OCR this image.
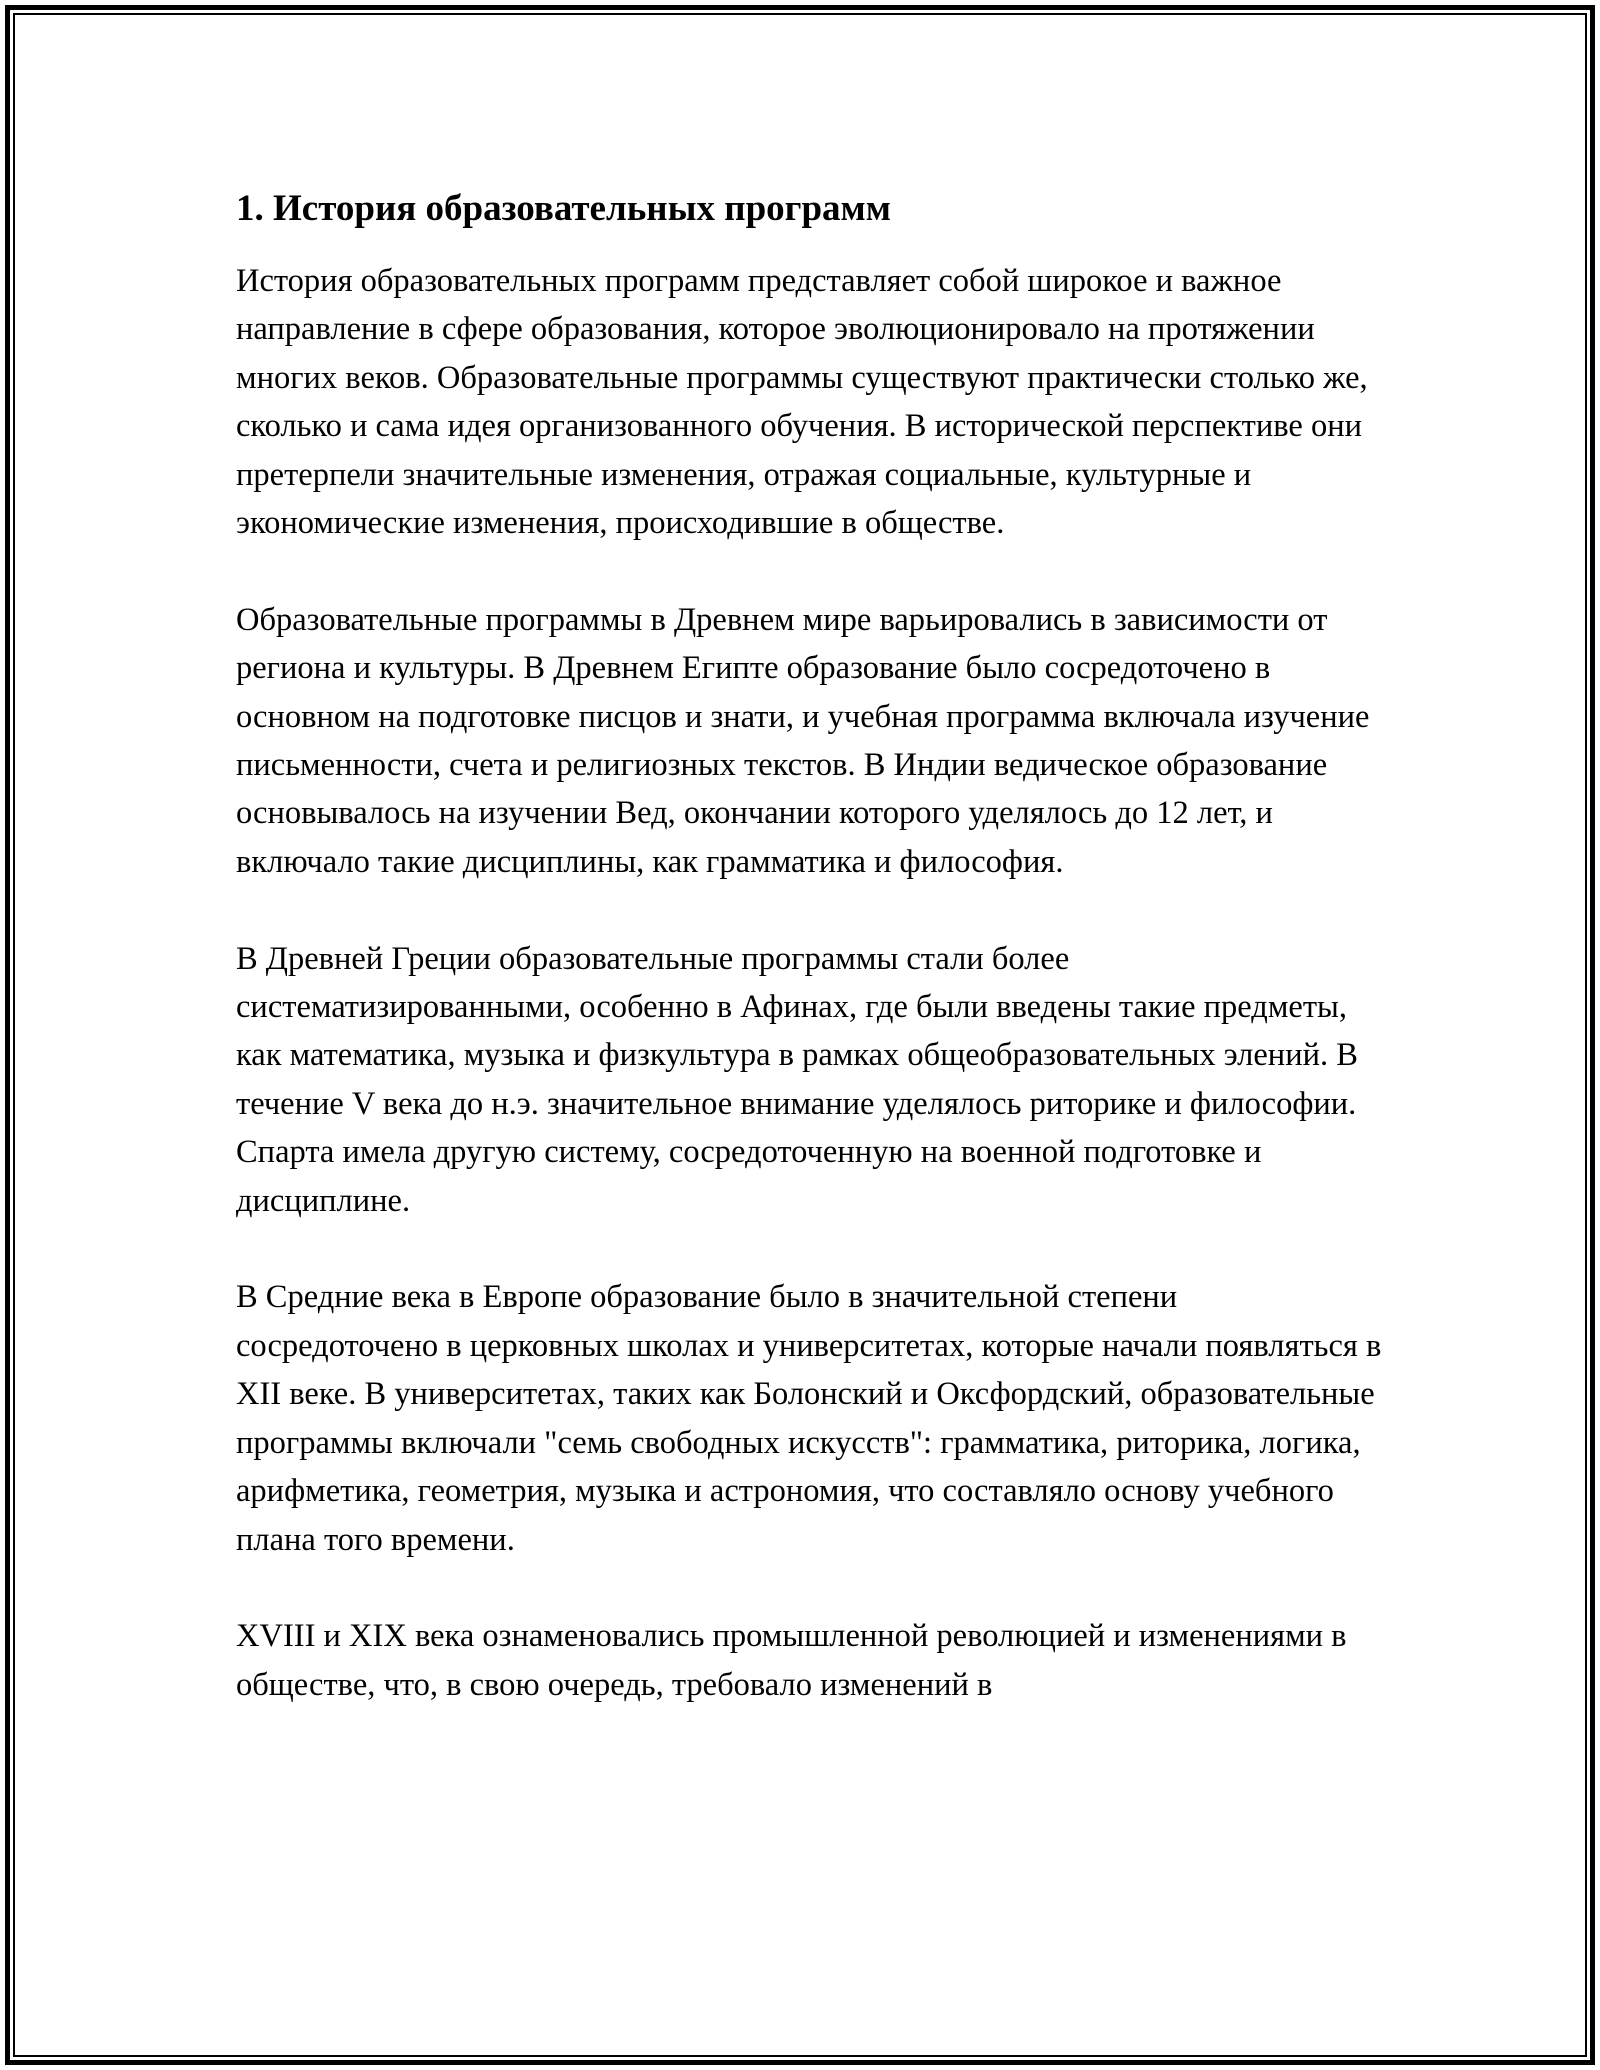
1. История образовательных программ

История образовательных программ представляет собой широкое и важное направление в сфере образования, которое эволюционировало на протяжении многих веков. Образовательные программы существуют практически столько же, сколько и сама идея организованного обучения. В исторической перспективе они претерпели значительные изменения, отражая социальные, культурные и экономические изменения, происходившие в обществе.

Образовательные программы в Древнем мире варьировались в зависимости от региона и культуры. В Древнем Египте образование было сосредоточено в основном на подготовке писцов и знати, и учебная программа включала изучение письменности, счета и религиозных текстов. В Индии ведическое образование основывалось на изучении Вед, окончании которого уделялось до 12 лет, и включало такие дисциплины, как грамматика и философия.

В Древней Греции образовательные программы стали более систематизированными, особенно в Афинах, где были введены такие предметы, как математика, музыка и физкультура в рамках общеобразовательных элений. В течение V века до н.э. значительное внимание уделялось риторике и философии. Спарта имела другую систему, сосредоточенную на военной подготовке и дисциплине.

В Средние века в Европе образование было в значительной степени сосредоточено в церковных школах и университетах, которые начали появляться в XII веке. В университетах, таких как Болонский и Оксфордский, образовательные программы включали "семь свободных искусств": грамматика, риторика, логика, арифметика, геометрия, музыка и астрономия, что составляло основу учебного плана того времени.

XVIII и XIX века ознаменовались промышленной революцией и изменениями в обществе, что, в свою очередь, требовало изменений в
